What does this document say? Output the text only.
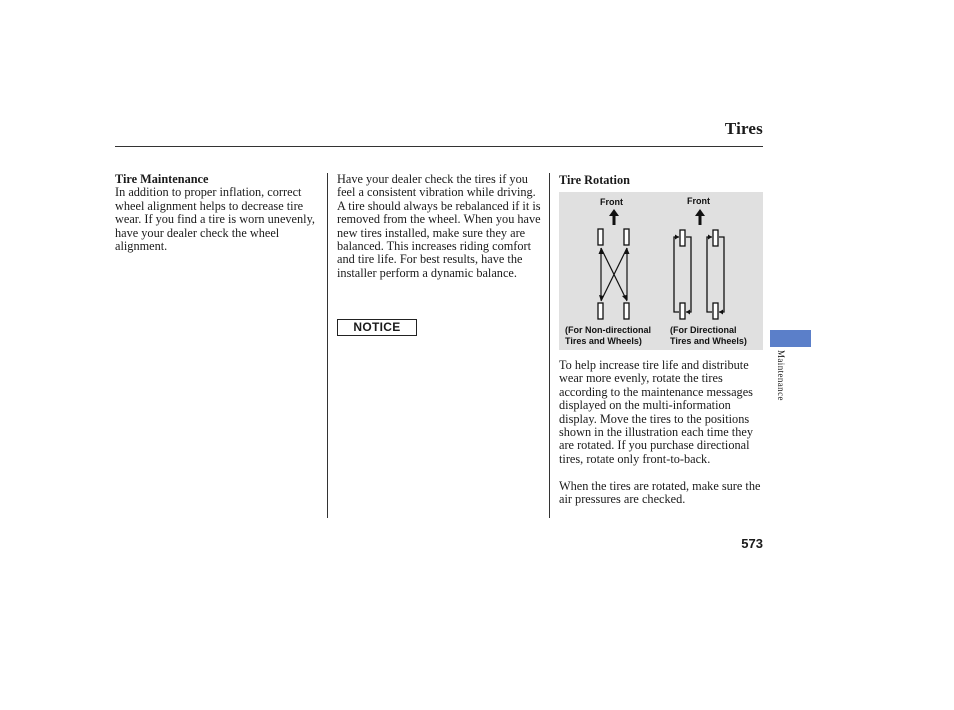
Tires

Tire Maintenance

In addition to proper inflation, correct wheel alignment helps to decrease tire wear. If you find a tire is worn unevenly, have your dealer check the wheel alignment.

Have your dealer check the tires if you feel a consistent vibration while driving. A tire should always be rebalanced if it is removed from the wheel. When you have new tires installed, make sure they are balanced. This increases riding comfort and tire life. For best results, have the installer perform a dynamic balance.

NOTICE
Tire Rotation
Front	Front
(For Non-directional
Tires and Wheels)
(For Directional
Tires and Wheels)

To help increase tire life and distribute wear more evenly, rotate the tires according to the maintenance messages displayed on the multi-information display. Move the tires to the positions shown in the illustration each time they are rotated. If you purchase directional tires, rotate only front-to-back.

When the tires are rotated, make sure the air pressures are checked.

Maintenance
573
